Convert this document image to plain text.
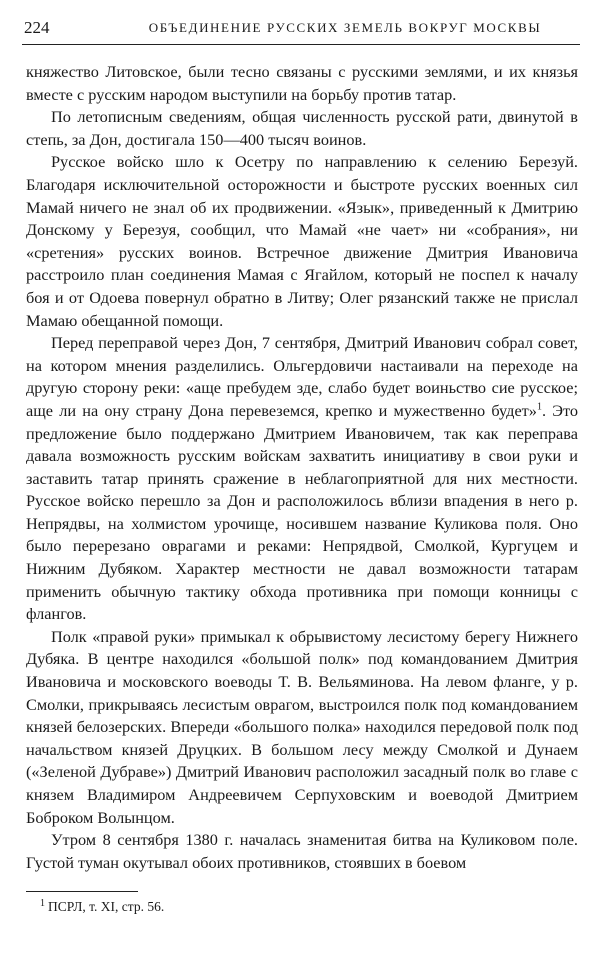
224	ОБЪЕДИНЕНИЕ РУССКИХ ЗЕМЕЛЬ ВОКРУГ МОСКВЫ

княжество Литовское, были тесно связаны с русскими землями, и их князья вместе с русским народом выступили на борьбу против татар.

По летописным сведениям, общая численность русской рати, двинутой в степь, за Дон, достигала 150—400 тысяч воинов.

Русское войско шло к Осетру по направлению к селению Березуй. Благодаря исключительной осторожности и быстроте русских военных сил Мамай ничего не знал об их продвижении. «Язык», приведенный к Дмитрию Донскому у Березуя, сообщил, что Мамай «не чает» ни «собрания», ни «сретения» русских воинов. Встречное движение Дмитрия Ивановича расстроило план соединения Мамая с Ягайлом, который не поспел к началу боя и от Одоева повернул обратно в Литву; Олег рязанский также не прислал Мамаю обещанной помощи.

Перед переправой через Дон, 7 сентября, Дмитрий Иванович собрал совет, на котором мнения разделились. Ольгердовичи настаивали на переходе на другую сторону реки: «аще пребудем зде, слабо будет воиньство сие русское; аще ли на ону страну Дона перевеземся, крепко и мужественно будет»$^1$. Это предложение было поддержано Дмитрием Ивановичем, так как переправа давала возможность русским войскам захватить инициативу в свои руки и заставить татар принять сражение в неблагоприятной для них местности. Русское войско перешло за Дон и расположилось вблизи впадения в него р. Непрядвы, на холмистом урочище, носившем название Куликова поля. Оно было перерезано оврагами и реками: Непрядвой, Смолкой, Кургуцем и Нижним Дубяком. Характер местности не давал возможности татарам применить обычную тактику обхода противника при помощи конницы с флангов.

Полк «правой руки» примыкал к обрывистому лесистому берегу Нижнего Дубяка. В центре находился «большой полк» под командованием Дмитрия Ивановича и московского воеводы Т. В. Вельяминова. На левом фланге, у р. Смолки, прикрываясь лесистым оврагом, выстроился полк под командованием князей белозерских. Впереди «большого полка» находился передовой полк под начальством князей Друцких. В большом лесу между Смолкой и Дунаем («Зеленой Дубраве») Дмитрий Иванович расположил засадный полк во главе с князем Владимиром Андреевичем Серпуховским и воеводой Дмитрием Боброком Волынцом.

Утром 8 сентября 1380 г. началась знаменитая битва на Куликовом поле. Густой туман окутывал обоих противников, стоявших в боевом

$^1$ ПСРЛ, т. XI, стр. 56.
